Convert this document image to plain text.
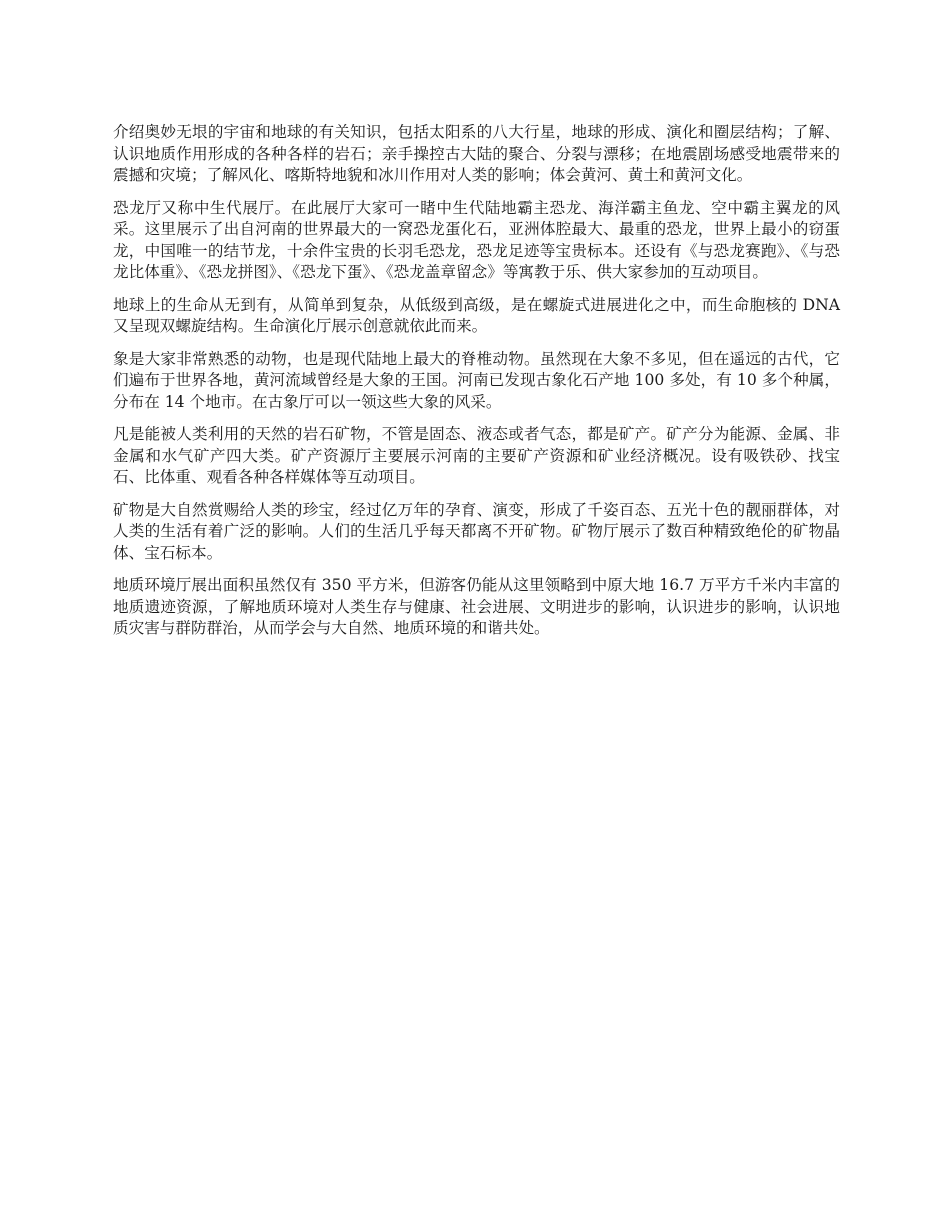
介绍奥妙无垠的宇宙和地球的有关知识，包括太阳系的八大行星，地球的形成、演化和圈层结构；了解、认识地质作用形成的各种各样的岩石；亲手操控古大陆的聚合、分裂与漂移；在地震剧场感受地震带来的震撼和灾境；了解风化、喀斯特地貌和冰川作用对人类的影响；体会黄河、黄土和黄河文化。

恐龙厅又称中生代展厅。在此展厅大家可一睹中生代陆地霸主恐龙、海洋霸主鱼龙、空中霸主翼龙的风采。这里展示了出自河南的世界最大的一窝恐龙蛋化石，亚洲体腔最大、最重的恐龙，世界上最小的窃蛋龙，中国唯一的结节龙，十余件宝贵的长羽毛恐龙，恐龙足迹等宝贵标本。还设有《与恐龙赛跑》、《与恐龙比体重》、《恐龙拼图》、《恐龙下蛋》、《恐龙盖章留念》等寓教于乐、供大家参加的互动项目。

地球上的生命从无到有，从简单到复杂，从低级到高级，是在螺旋式进展进化之中，而生命胞核的 DNA 又呈现双螺旋结构。生命演化厅展示创意就依此而来。

象是大家非常熟悉的动物，也是现代陆地上最大的脊椎动物。虽然现在大象不多见，但在遥远的古代，它们遍布于世界各地，黄河流域曾经是大象的王国。河南已发现古象化石产地 100 多处，有 10 多个种属，分布在 14 个地市。在古象厅可以一领这些大象的风采。

凡是能被人类利用的天然的岩石矿物，不管是固态、液态或者气态，都是矿产。矿产分为能源、金属、非金属和水气矿产四大类。矿产资源厅主要展示河南的主要矿产资源和矿业经济概况。设有吸铁砂、找宝石、比体重、观看各种各样媒体等互动项目。

矿物是大自然赏赐给人类的珍宝，经过亿万年的孕育、演变，形成了千姿百态、五光十色的靓丽群体，对人类的生活有着广泛的影响。人们的生活几乎每天都离不开矿物。矿物厅展示了数百种精致绝伦的矿物晶体、宝石标本。

地质环境厅展出面积虽然仅有 350 平方米，但游客仍能从这里领略到中原大地 16.7 万平方千米内丰富的地质遗迹资源，了解地质环境对人类生存与健康、社会进展、文明进步的影响，认识进步的影响，认识地质灾害与群防群治，从而学会与大自然、地质环境的和谐共处。
